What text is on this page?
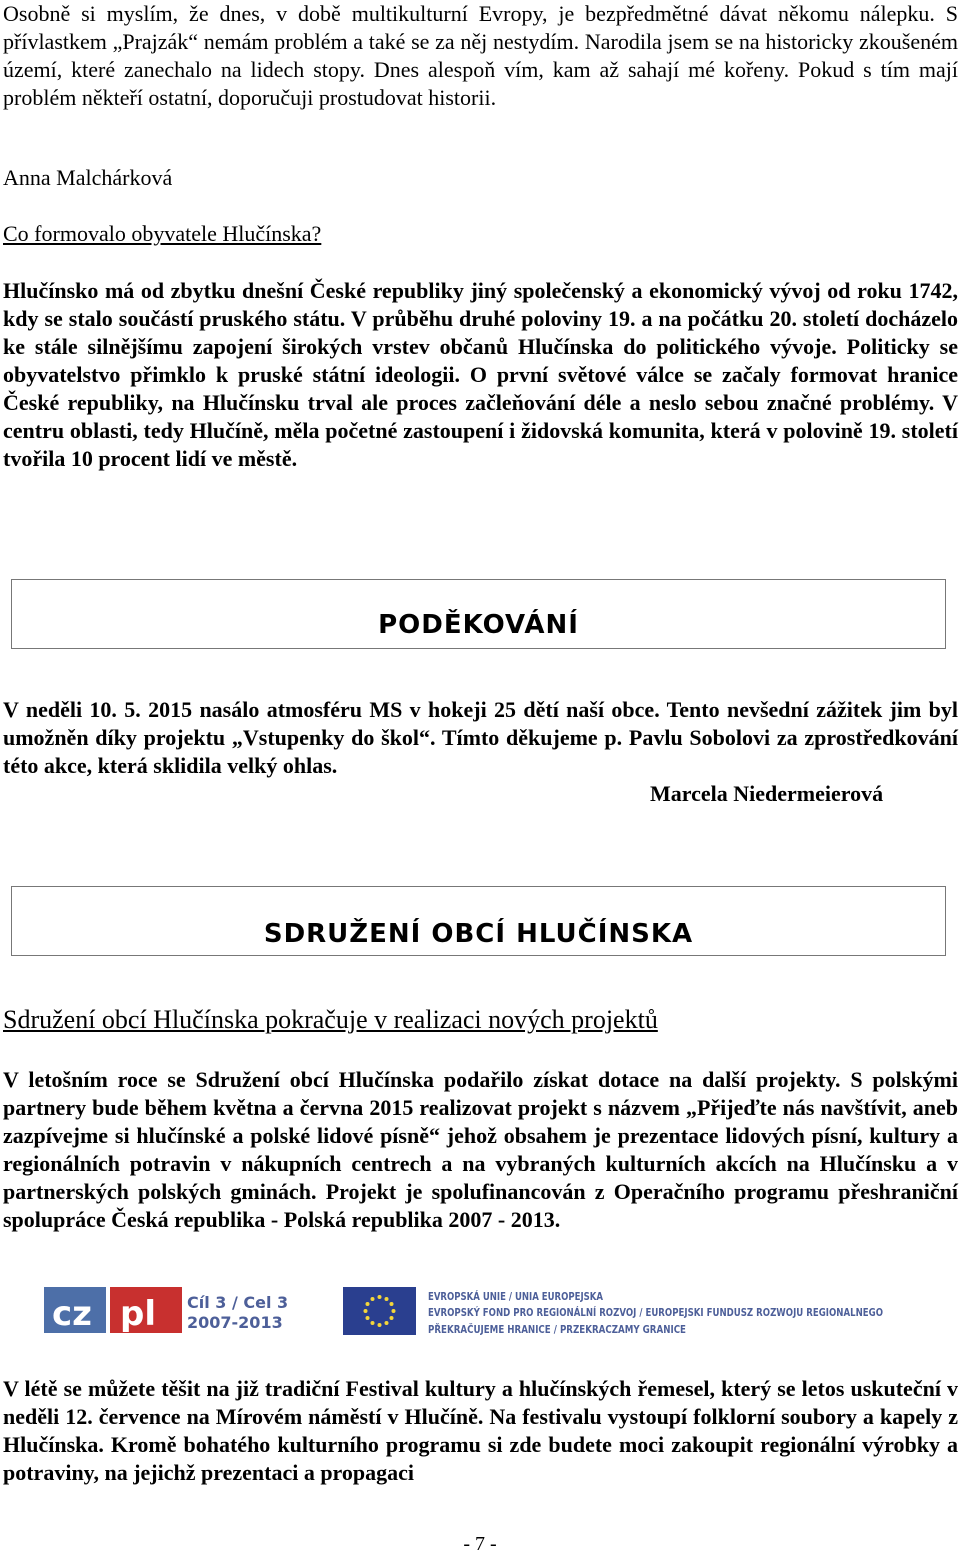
Osobně si myslím, že dnes, v době multikulturní Evropy, je bezpředmětné dávat někomu nálepku. S přívlastkem „Prajzák“ nemám problém a také se za něj nestydím. Narodila jsem se na historicky zkoušeném území, které zanechalo na lidech stopy. Dnes alespoň vím, kam až sahají mé kořeny. Pokud s tím mají problém někteří ostatní, doporučuji prostudovat historii.

Anna Malchárková

Co formovalo obyvatele Hlučínska?

Hlučínsko má od zbytku dnešní České republiky jiný společenský a ekonomický vývoj od roku 1742, kdy se stalo součástí pruského státu. V průběhu druhé poloviny 19. a na počátku 20. století docházelo ke stále silnějšímu zapojení širokých vrstev občanů Hlučínska do politického vývoje. Politicky se obyvatelstvo přimklo k pruské státní ideologii. O první světové válce se začaly formovat hranice České republiky, na Hlučínsku trval ale proces začleňování déle a neslo sebou značné problémy. V centru oblasti, tedy Hlučíně, měla početné zastoupení i židovská komunita, která v polovině 19. století tvořila 10 procent lidí ve městě.

PODĚKOVÁNÍ

V neděli 10. 5. 2015 nasálo atmosféru MS v hokeji 25 dětí naší obce. Tento nevšední zážitek jim byl umožněn díky projektu „Vstupenky do škol“. Tímto děkujeme p. Pavlu Sobolovi za zprostředkování této akce, která sklidila velký ohlas.

Marcela Niedermeierová
SDRUŽENÍ OBCÍ HLUČÍNSKA

Sdružení obcí Hlučínska pokračuje v realizaci nových projektů

V letošním roce se Sdružení obcí Hlučínska podařilo získat dotace na další projekty. S polskými partnery bude během května a června 2015 realizovat projekt s názvem „Přijeďte nás navštívit, aneb zazpívejme si hlučínské a polské lidové písně“ jehož obsahem je prezentace lidových písní, kultury a regionálních potravin v nákupních centrech a na vybraných kulturních akcích na Hlučínsku a v partnerských polských gminách. Projekt je spolufinancován z Operačního programu přeshraniční spolupráce Česká republika - Polská republika 2007 - 2013.

cz pl Cíl 3 / Cel 3
2007-2013
EVROPSKÁ UNIE / UNIA EUROPEJSKA
EVROPSKÝ FOND PRO REGIONÁLNÍ ROZVOJ / EUROPEJSKI FUNDUSZ ROZWOJU REGIONALNEGO
PŘEKRAČUJEME HRANICE / PRZEKRACZAMY GRANICE

V létě se můžete těšit na již tradiční Festival kultury a hlučínských řemesel, který se letos uskuteční v neděli 12. července na Mírovém náměstí v Hlučíně. Na festivalu vystoupí folklorní soubory a kapely z Hlučínska. Kromě bohatého kulturního programu si zde budete moci zakoupit regionální výrobky a potraviny, na jejichž prezentaci a propagaci

- 7 -
